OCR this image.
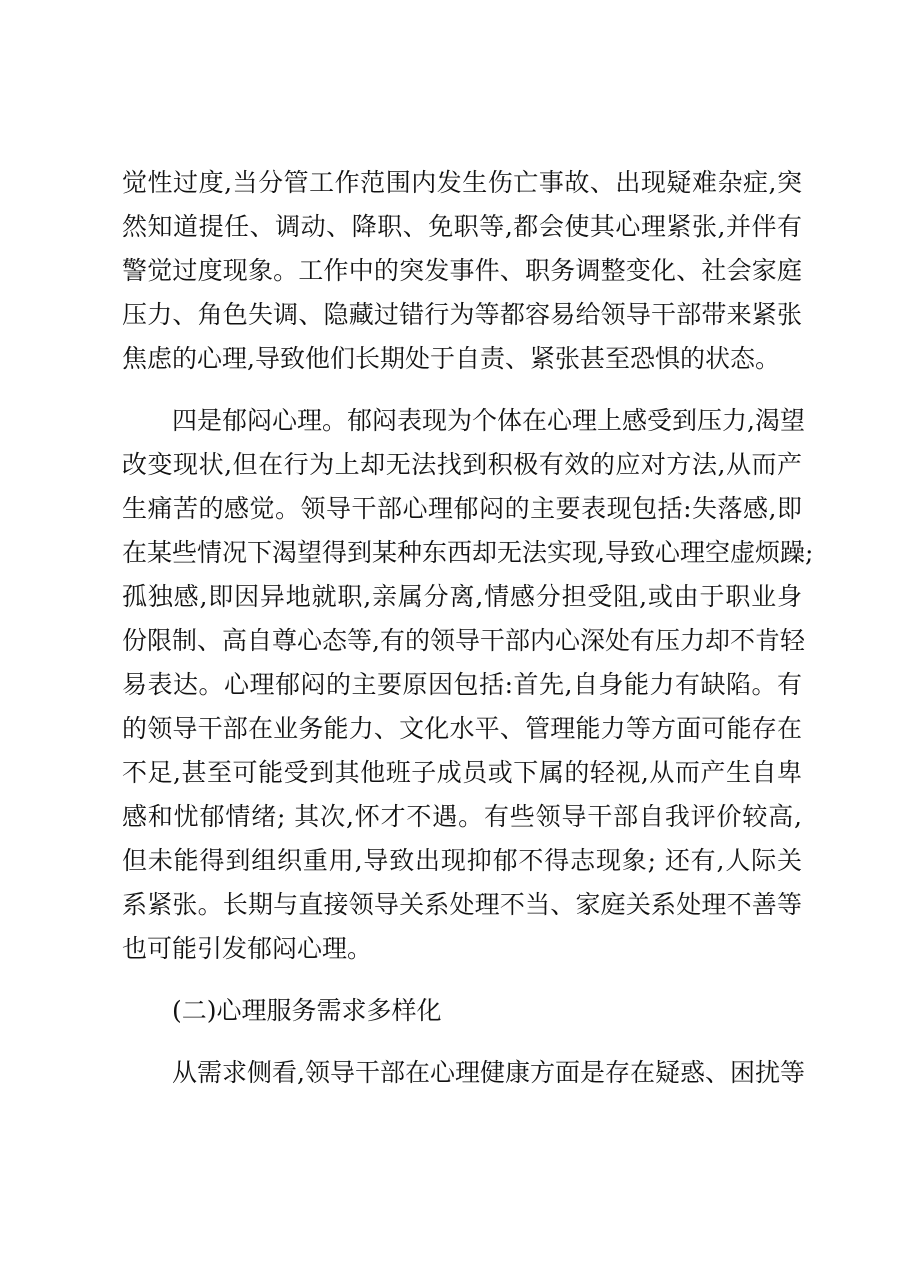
觉性过度,当分管工作范围内发生伤亡事故、出现疑难杂症,突
然知道提任、调动、降职、免职等,都会使其心理紧张,并伴有
警觉过度现象。工作中的突发事件、职务调整变化、社会家庭
压力、角色失调、隐藏过错行为等都容易给领导干部带来紧张
焦虑的心理,导致他们长期处于自责、紧张甚至恐惧的状态。
四是郁闷心理。郁闷表现为个体在心理上感受到压力,渴望
改变现状,但在行为上却无法找到积极有效的应对方法,从而产
生痛苦的感觉。领导干部心理郁闷的主要表现包括:失落感,即
在某些情况下渴望得到某种东西却无法实现,导致心理空虚烦躁;
孤独感,即因异地就职,亲属分离,情感分担受阻,或由于职业身
份限制、高自尊心态等,有的领导干部内心深处有压力却不肯轻
易表达。心理郁闷的主要原因包括:首先,自身能力有缺陷。有
的领导干部在业务能力、文化水平、管理能力等方面可能存在
不足,甚至可能受到其他班子成员或下属的轻视,从而产生自卑
感和忧郁情绪; 其次,怀才不遇。有些领导干部自我评价较高,
但未能得到组织重用,导致出现抑郁不得志现象; 还有,人际关
系紧张。长期与直接领导关系处理不当、家庭关系处理不善等
也可能引发郁闷心理。
(二)心理服务需求多样化
从需求侧看,领导干部在心理健康方面是存在疑惑、困扰等
